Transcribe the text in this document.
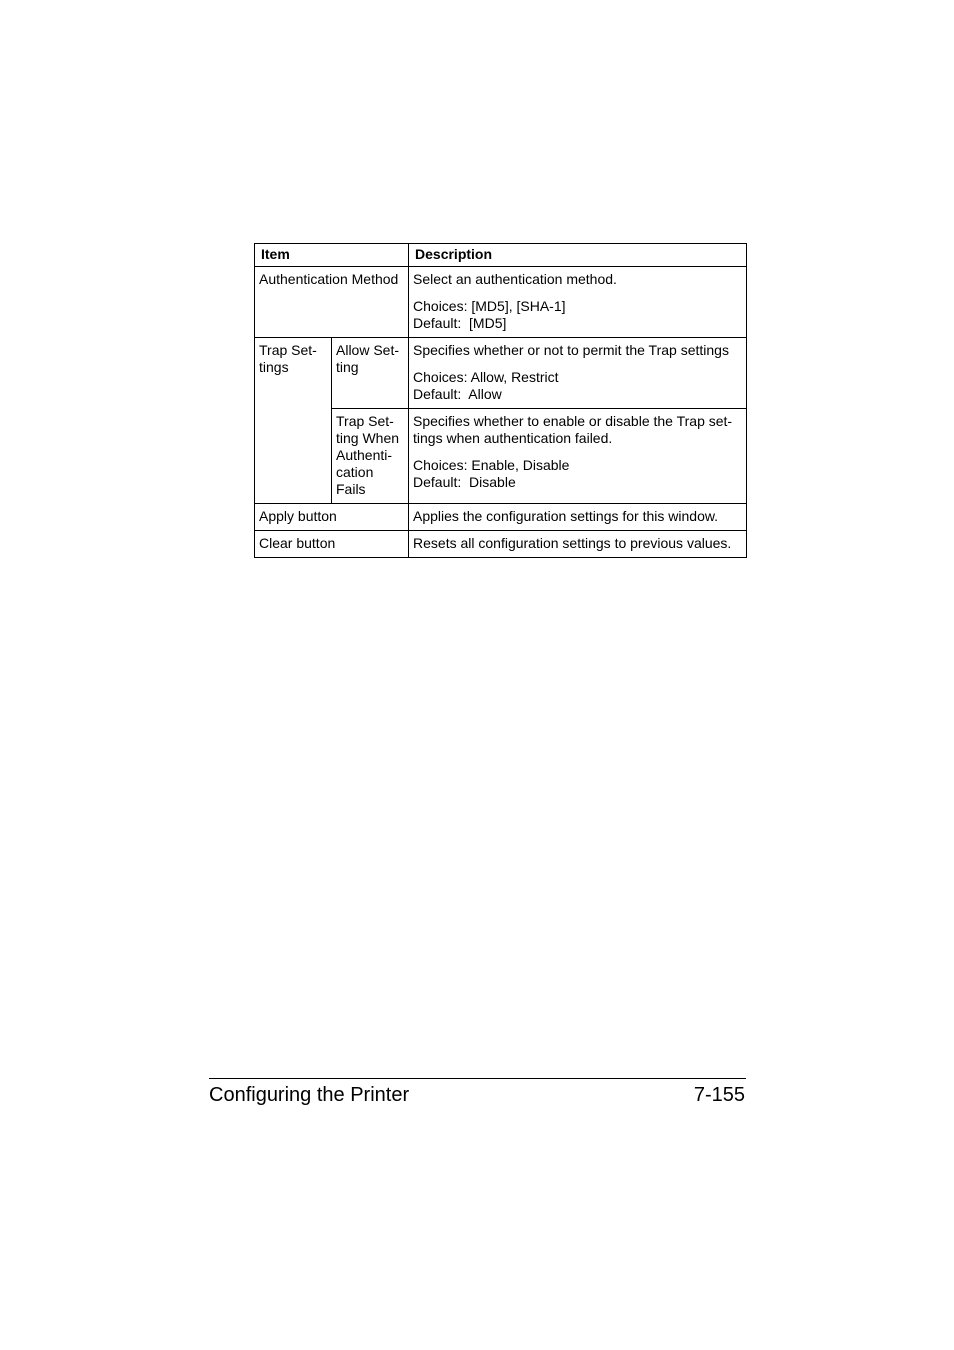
Item		Description
Authentication Method		Select an authentication method.
Choices: [MD5], [SHA-1]
Default:  [MD5]

Trap Set-tings	Allow Set-ting	Specifies whether or not to permit the Trap settings
Choices: Allow, Restrict
Default:  Allow

	Trap Set-ting When Authenti-cation Fails	Specifies whether to enable or disable the Trap set-tings when authentication failed.
Choices: Enable, Disable
Default:  Disable

Apply button		Applies the configuration settings for this window.
Clear button		Resets all configuration settings to previous values.
Configuring the Printer	7-155
